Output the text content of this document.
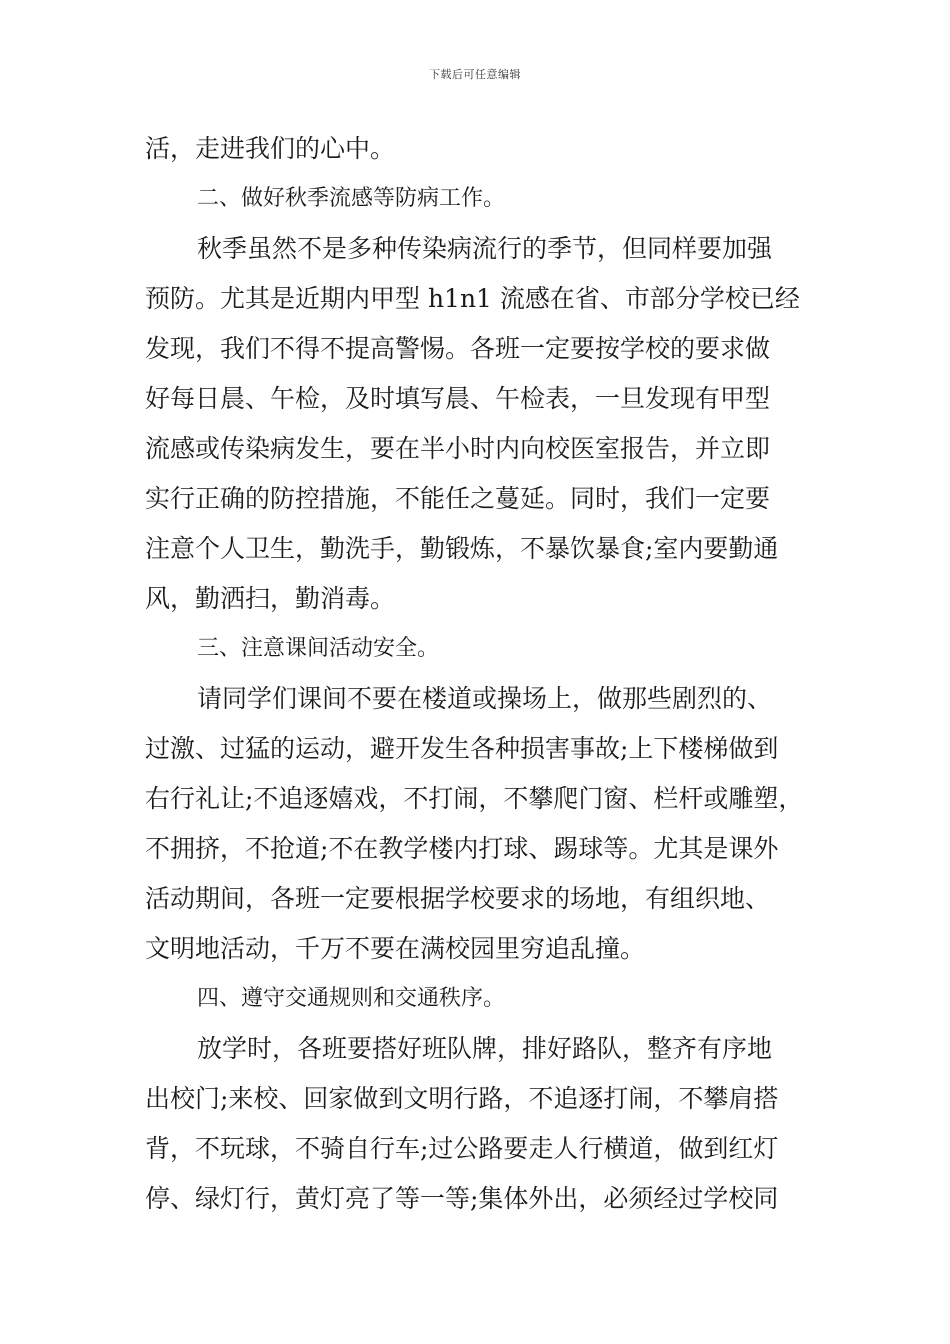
下载后可任意编辑
活，走进我们的心中。
二、做好秋季流感等防病工作。
秋季虽然不是多种传染病流行的季节，但同样要加强
预防。尤其是近期内甲型 h1n1 流感在省、市部分学校已经
发现，我们不得不提高警惕。各班一定要按学校的要求做
好每日晨、午检，及时填写晨、午检表，一旦发现有甲型
流感或传染病发生，要在半小时内向校医室报告，并立即
实行正确的防控措施，不能任之蔓延。同时，我们一定要
注意个人卫生，勤洗手，勤锻炼，不暴饮暴食;室内要勤通
风，勤洒扫，勤消毒。
三、注意课间活动安全。
请同学们课间不要在楼道或操场上，做那些剧烈的、
过激、过猛的运动，避开发生各种损害事故;上下楼梯做到
右行礼让;不追逐嬉戏，不打闹，不攀爬门窗、栏杆或雕塑，
不拥挤，不抢道;不在教学楼内打球、踢球等。尤其是课外
活动期间，各班一定要根据学校要求的场地，有组织地、
文明地活动，千万不要在满校园里穷追乱撞。
四、遵守交通规则和交通秩序。
放学时，各班要搭好班队牌，排好路队，整齐有序地
出校门;来校、回家做到文明行路，不追逐打闹，不攀肩搭
背，不玩球，不骑自行车;过公路要走人行横道，做到红灯
停、绿灯行，黄灯亮了等一等;集体外出，必须经过学校同
